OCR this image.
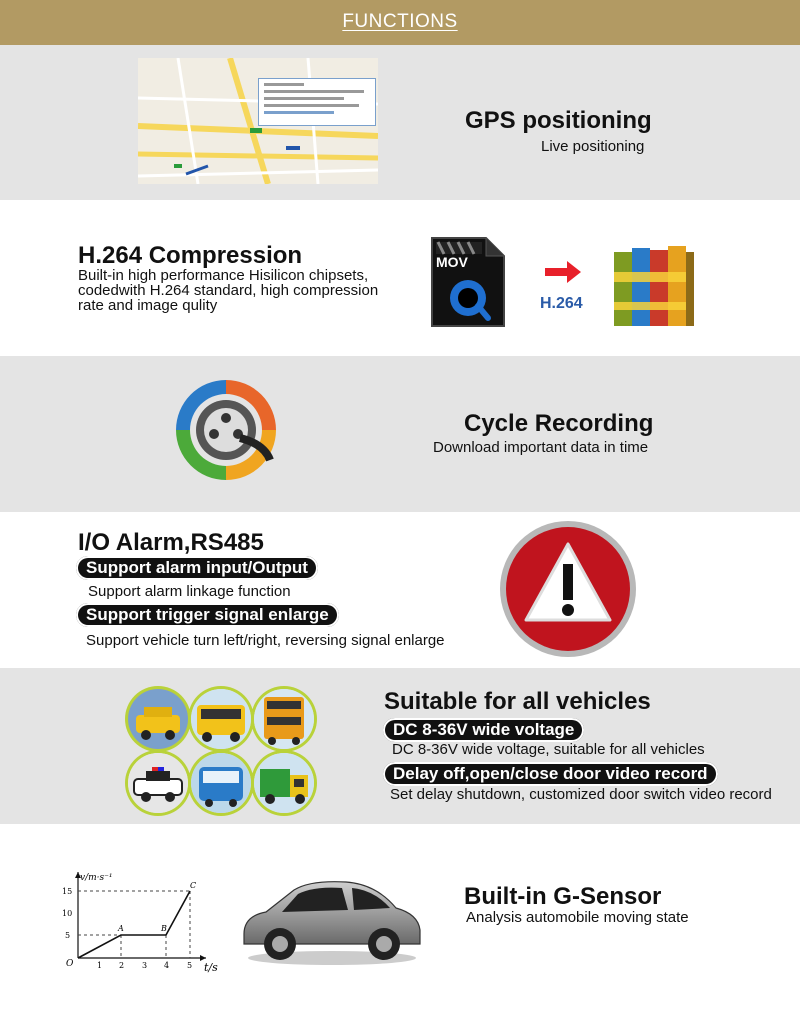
FUNCTIONS
GPS positioning
Live positioning
H.264 Compression
Built-in high performance Hisilicon chipsets,
codedwith H.264 standard, high compression
rate and image qulity
MOV
H.264
Cycle Recording
Download important data in time
I/O Alarm,RS485
Support alarm input/Output
Support alarm linkage function
Support trigger signal enlarge
Support vehicle turn left/right, reversing signal enlarge
Suitable for all vehicles
DC 8-36V wide voltage
DC 8-36V wide voltage, suitable for all vehicles
Delay off,open/close door video record
Set delay shutdown, customized door switch video record
v/m·s⁻¹
t/s
O
5
10
15
1 2 3 4 5
A	B
C	Built-in G-Sensor
Analysis automobile moving state
